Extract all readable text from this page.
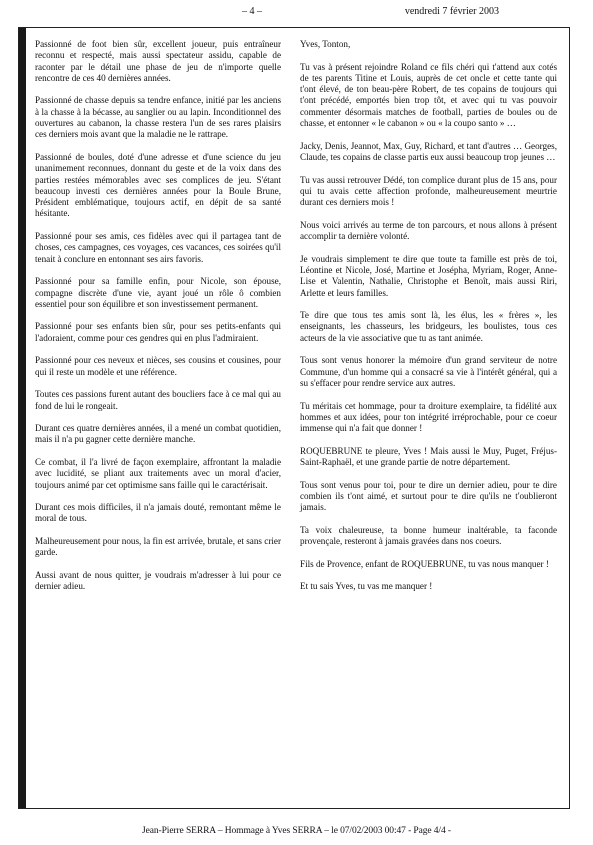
– 4 –	vendredi 7 février 2003

Passionné de foot bien sûr, excellent joueur, puis entraîneur reconnu et respecté, mais aussi spectateur assidu, capable de raconter par le détail une phase de jeu de n'importe quelle rencontre de ces 40 dernières années.

Passionné de chasse depuis sa tendre enfance, initié par les anciens à la chasse à la bécasse, au sanglier ou au lapin. Inconditionnel des ouvertures au cabanon, la chasse restera l'un de ses rares plaisirs ces derniers mois avant que la maladie ne le rattrape.

Passionné de boules, doté d'une adresse et d'une science du jeu unanimement reconnues, donnant du geste et de la voix dans des parties restées mémorables avec ses complices de jeu. S'étant beaucoup investi ces dernières années pour la Boule Brune, Président emblématique, toujours actif, en dépit de sa santé hésitante.

Passionné pour ses amis, ces fidèles avec qui il partagea tant de choses, ces campagnes, ces voyages, ces vacances, ces soirées qu'il tenait à conclure en entonnant ses airs favoris.

Passionné pour sa famille enfin, pour Nicole, son épouse, compagne discrète d'une vie, ayant joué un rôle ô combien essentiel pour son équilibre et son investissement permanent.

Passionné pour ses enfants bien sûr, pour ses petits-enfants qui l'adoraient, comme pour ces gendres qui en plus l'admiraient.

Passionné pour ces neveux et nièces, ses cousins et cousines, pour qui il reste un modèle et une référence.

Toutes ces passions furent autant des boucliers face à ce mal qui au fond de lui le rongeait.

Durant ces quatre dernières années, il a mené un combat quotidien, mais il n'a pu gagner cette dernière manche.

Ce combat, il l'a livré de façon exemplaire, affrontant la maladie avec lucidité, se pliant aux traitements avec un moral d'acier, toujours animé par cet optimisme sans faille qui le caractérisait.

Durant ces mois difficiles, il n'a jamais douté, remontant même le moral de tous.

Malheureusement pour nous, la fin est arrivée, brutale, et sans crier garde.

Aussi avant de nous quitter, je voudrais m'adresser à lui pour ce dernier adieu.

Yves, Tonton,

Tu vas à présent rejoindre Roland ce fils chéri qui t'attend aux cotés de tes parents Titine et Louis, auprès de cet oncle et cette tante qui t'ont élevé, de ton beau-père Robert, de tes copains de toujours qui t'ont précédé, emportés bien trop tôt, et avec qui tu vas pouvoir commenter désormais matches de football, parties de boules ou de chasse, et entonner « le cabanon » ou « la coupo santo » …

Jacky, Denis, Jeannot, Max, Guy, Richard, et tant d'autres … Georges, Claude, tes copains de classe partis eux aussi beaucoup trop jeunes …

Tu vas aussi retrouver Dédé, ton complice durant plus de 15 ans, pour qui tu avais cette affection profonde, malheureusement meurtrie durant ces derniers mois !

Nous voici arrivés au terme de ton parcours, et nous allons à présent accomplir ta dernière volonté.

Je voudrais simplement te dire que toute ta famille est près de toi, Léontine et Nicole, José, Martine et Josépha, Myriam, Roger, Anne-Lise et Valentin, Nathalie, Christophe et Benoît, mais aussi Riri, Arlette et leurs familles.

Te dire que tous tes amis sont là, les élus, les « frères », les enseignants, les chasseurs, les bridgeurs, les boulistes, tous ces acteurs de la vie associative que tu as tant animée.

Tous sont venus honorer la mémoire d'un grand serviteur de notre Commune, d'un homme qui a consacré sa vie à l'intérêt général, qui a su s'effacer pour rendre service aux autres.

Tu méritais cet hommage, pour ta droiture exemplaire, ta fidélité aux hommes et aux idées, pour ton intégrité irréprochable, pour ce coeur immense qui n'a fait que donner !

ROQUEBRUNE te pleure, Yves ! Mais aussi le Muy, Puget, Fréjus-Saint-Raphaël, et une grande partie de notre département.

Tous sont venus pour toi, pour te dire un dernier adieu, pour te dire combien ils t'ont aimé, et surtout pour te dire qu'ils ne t'oublieront jamais.

Ta voix chaleureuse, ta bonne humeur inaltérable, ta faconde provençale, resteront à jamais gravées dans nos coeurs.

Fils de Provence, enfant de ROQUEBRUNE, tu vas nous manquer !

Et tu sais Yves, tu vas me manquer !

Jean-Pierre SERRA – Hommage à Yves SERRA – le 07/02/2003 00:47 - Page 4/4 -
